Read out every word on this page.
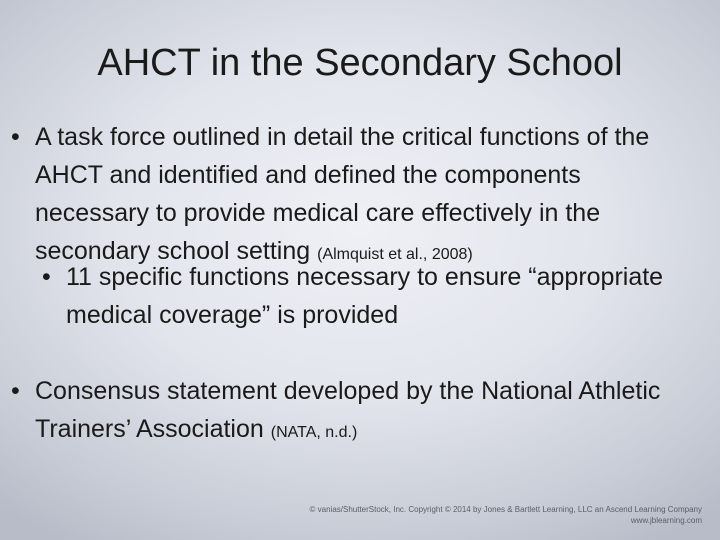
AHCT in the Secondary School
• A task force outlined in detail the critical functions of the AHCT and identified and defined the components necessary to provide medical care effectively in the secondary school setting (Almquist et al., 2008)
• 11 specific functions necessary to ensure “appropriate medical coverage” is provided
• Consensus statement developed by the National Athletic Trainers’ Association (NATA, n.d.)
© vanias/ShutterStock, Inc. Copyright © 2014 by Jones & Bartlett Learning, LLC an Ascend Learning Company
www.jblearning.com
